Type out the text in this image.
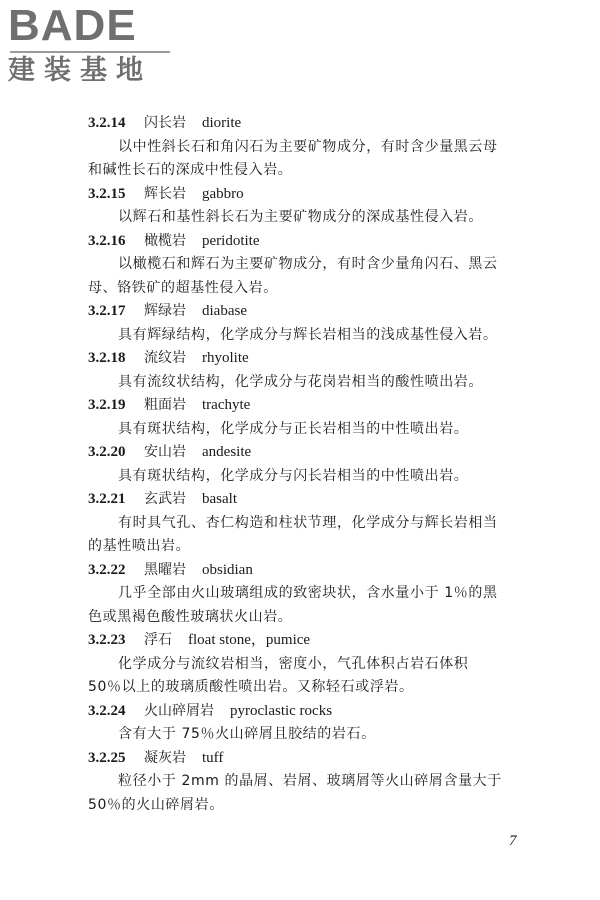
BADE
建装基地
3.2.14 闪长岩 diorite
以中性斜长石和角闪石为主要矿物成分，有时含少量黑云母
和碱性长石的深成中性侵入岩。
3.2.15 辉长岩 gabbro
以辉石和基性斜长石为主要矿物成分的深成基性侵入岩。
3.2.16 橄榄岩 peridotite
以橄榄石和辉石为主要矿物成分，有时含少量角闪石、黑云
母、铬铁矿的超基性侵入岩。
3.2.17 辉绿岩 diabase
具有辉绿结构，化学成分与辉长岩相当的浅成基性侵入岩。
3.2.18 流纹岩 rhyolite
具有流纹状结构，化学成分与花岗岩相当的酸性喷出岩。
3.2.19 粗面岩 trachyte
具有斑状结构，化学成分与正长岩相当的中性喷出岩。
3.2.20 安山岩 andesite
具有斑状结构，化学成分与闪长岩相当的中性喷出岩。
3.2.21 玄武岩 basalt
有时具气孔、杏仁构造和柱状节理，化学成分与辉长岩相当
的基性喷出岩。
3.2.22 黑曜岩 obsidian
几乎全部由火山玻璃组成的致密块状，含水量小于 1％的黑
色或黑褐色酸性玻璃状火山岩。
3.2.23 浮石 float stone，pumice
化学成分与流纹岩相当，密度小，气孔体积占岩石体积
50％以上的玻璃质酸性喷出岩。又称轻石或浮岩。
3.2.24 火山碎屑岩 pyroclastic rocks
含有大于 75％火山碎屑且胶结的岩石。
3.2.25 凝灰岩 tuff
粒径小于 2mm 的晶屑、岩屑、玻璃屑等火山碎屑含量大于
50％的火山碎屑岩。
7
